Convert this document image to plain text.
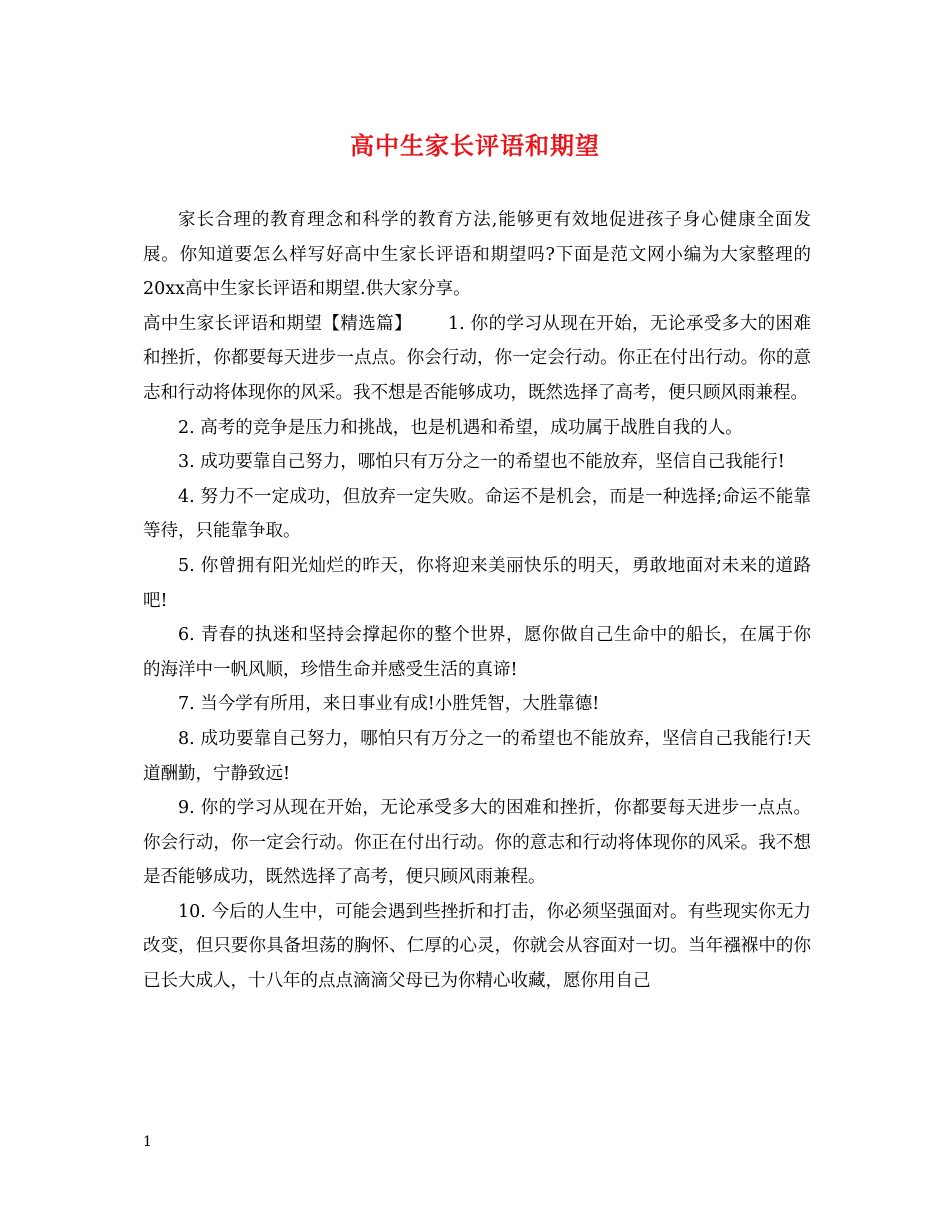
高中生家长评语和期望

家长合理的教育理念和科学的教育方法,能够更有效地促进孩子身心健康全面发展。你知道要怎么样写好高中生家长评语和期望吗?下面是范文网小编为大家整理的20xx高中生家长评语和期望.供大家分享。

高中生家长评语和期望【精选篇】      1. 你的学习从现在开始，无论承受多大的困难和挫折，你都要每天进步一点点。你会行动，你一定会行动。你正在付出行动。你的意志和行动将体现你的风采。我不想是否能够成功，既然选择了高考，便只顾风雨兼程。

2. 高考的竞争是压力和挑战，也是机遇和希望，成功属于战胜自我的人。

3. 成功要靠自己努力，哪怕只有万分之一的希望也不能放弃，坚信自己我能行!

4. 努力不一定成功，但放弃一定失败。命运不是机会，而是一种选择;命运不能靠等待，只能靠争取。

5. 你曾拥有阳光灿烂的昨天，你将迎来美丽快乐的明天，勇敢地面对未来的道路吧!

6. 青春的执迷和坚持会撑起你的整个世界，愿你做自己生命中的船长，在属于你的海洋中一帆风顺，珍惜生命并感受生活的真谛!

7. 当今学有所用，来日事业有成!小胜凭智，大胜靠德!

8. 成功要靠自己努力，哪怕只有万分之一的希望也不能放弃，坚信自己我能行!天道酬勤，宁静致远!

9. 你的学习从现在开始，无论承受多大的困难和挫折，你都要每天进步一点点。你会行动，你一定会行动。你正在付出行动。你的意志和行动将体现你的风采。我不想是否能够成功，既然选择了高考，便只顾风雨兼程。

10. 今后的人生中，可能会遇到些挫折和打击，你必须坚强面对。有些现实你无力改变，但只要你具备坦荡的胸怀、仁厚的心灵，你就会从容面对一切。当年襁褓中的你已长大成人，十八年的点点滴滴父母已为你精心收藏，愿你用自己

1
